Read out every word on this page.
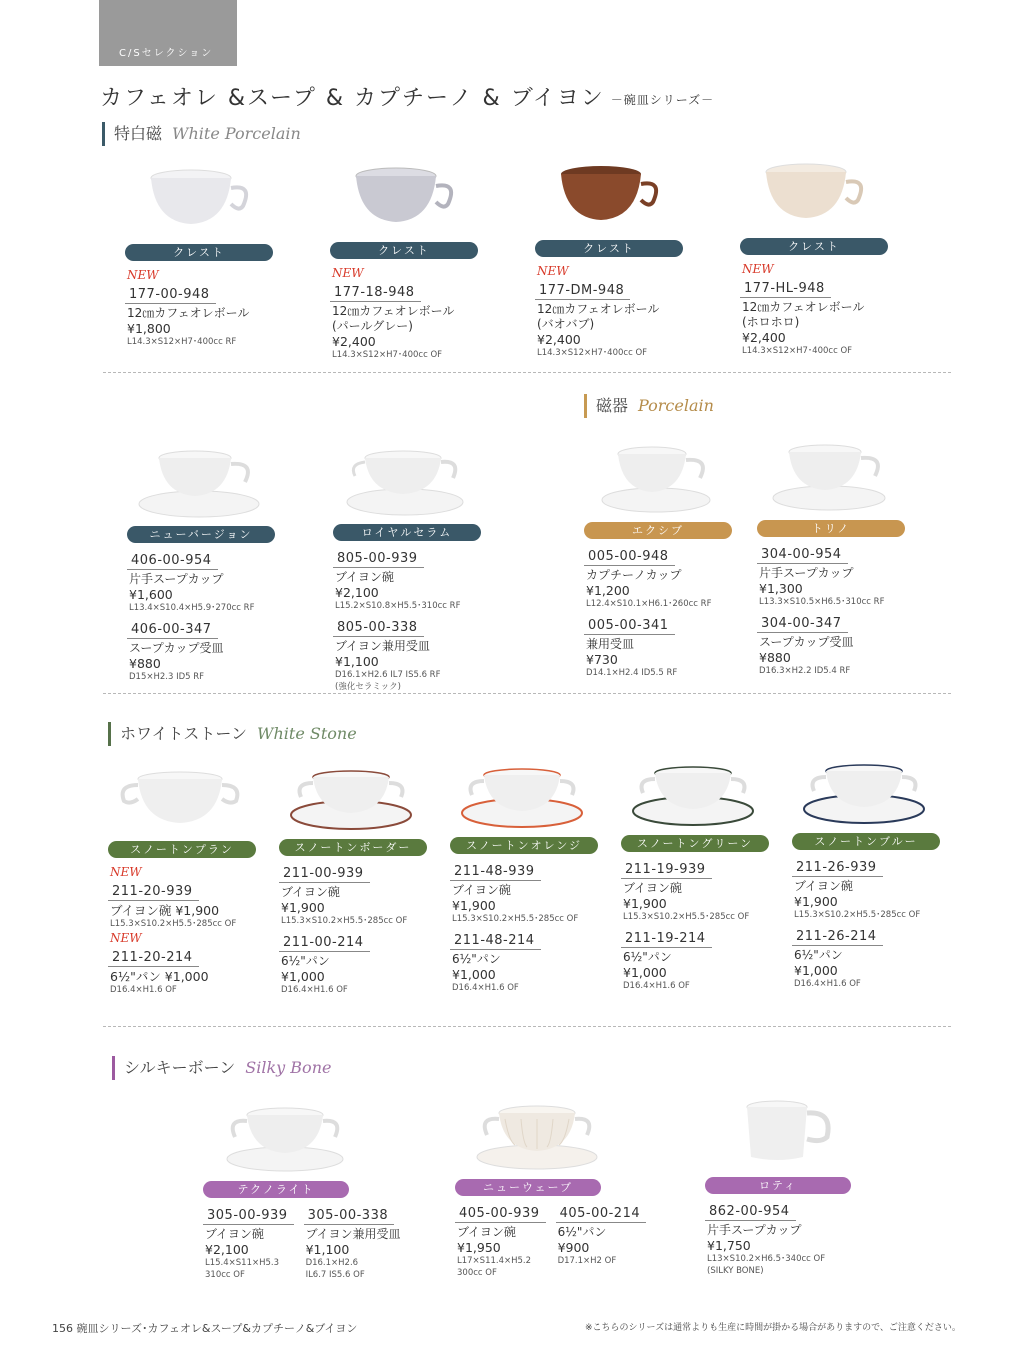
C/Sセレクション
カフェオレ &スープ & カプチーノ & ブイヨン －碗皿シリーズ－
特白磁 White Porcelain
クレスト
NEW
177-00-948
12㎝カフェオレボール
¥1,800
L14.3×S12×H7･400cc RF
クレスト
NEW
177-18-948
12㎝カフェオレボール
(パールグレー)
¥2,400
L14.3×S12×H7･400cc OF
クレスト
NEW
177-DM-948
12㎝カフェオレボール
(バオバブ)
¥2,400
L14.3×S12×H7･400cc OF
クレスト
NEW
177-HL-948
12㎝カフェオレボール
(ホロホロ)
¥2,400
L14.3×S12×H7･400cc OF
磁器 Porcelain
ニューバージョン
406-00-954
片手スープカップ
¥1,600
L13.4×S10.4×H5.9･270cc RF
406-00-347
スープカップ受皿
¥880
D15×H2.3 ID5 RF
ロイヤルセラム
805-00-939
ブイヨン碗
¥2,100
L15.2×S10.8×H5.5･310cc RF
805-00-338
ブイヨン兼用受皿
¥1,100
D16.1×H2.6 IL7 IS5.6 RF
(強化セラミック)
エクシブ
005-00-948
カプチーノカップ
¥1,200
L12.4×S10.1×H6.1･260cc RF
005-00-341
兼用受皿
¥730
D14.1×H2.4 ID5.5 RF
トリノ
304-00-954
片手スープカップ
¥1,300
L13.3×S10.5×H6.5･310cc RF
304-00-347
スープカップ受皿
¥880
D16.3×H2.2 ID5.4 RF
ホワイトストーン White Stone
スノートンプラン
NEW
211-20-939
ブイヨン碗 ¥1,900
L15.3×S10.2×H5.5･285cc OF
NEW
211-20-214
6½"パン ¥1,000
D16.4×H1.6 OF
スノートンボーダー
211-00-939
ブイヨン碗
¥1,900
L15.3×S10.2×H5.5･285cc OF
211-00-214
6½"パン
¥1,000
D16.4×H1.6 OF
スノートンオレンジ
211-48-939
ブイヨン碗
¥1,900
L15.3×S10.2×H5.5･285cc OF
211-48-214
6½"パン
¥1,000
D16.4×H1.6 OF
スノートングリーン
211-19-939
ブイヨン碗
¥1,900
L15.3×S10.2×H5.5･285cc OF
211-19-214
6½"パン
¥1,000
D16.4×H1.6 OF
スノートンブルー
211-26-939
ブイヨン碗
¥1,900
L15.3×S10.2×H5.5･285cc OF
211-26-214
6½"パン
¥1,000
D16.4×H1.6 OF
シルキーボーン Silky Bone
テクノライト
305-00-939
ブイヨン碗
¥2,100
L15.4×S11×H5.3
310cc OF
305-00-338
ブイヨン兼用受皿
¥1,100
D16.1×H2.6
IL6.7 IS5.6 OF
ニューウェーブ
405-00-939
ブイヨン碗
¥1,950
L17×S11.4×H5.2
300cc OF
405-00-214
6½"パン
¥900
D17.1×H2 OF
ロティ
862-00-954
片手スープカップ
¥1,750
L13×S10.2×H6.5･340cc OF
(SILKY BONE)
156 碗皿シリーズ･カフェオレ&スープ&カプチーノ&ブイヨン	※こちらのシリーズは通常よりも生産に時間が掛かる場合がありますので、ご注意ください。
